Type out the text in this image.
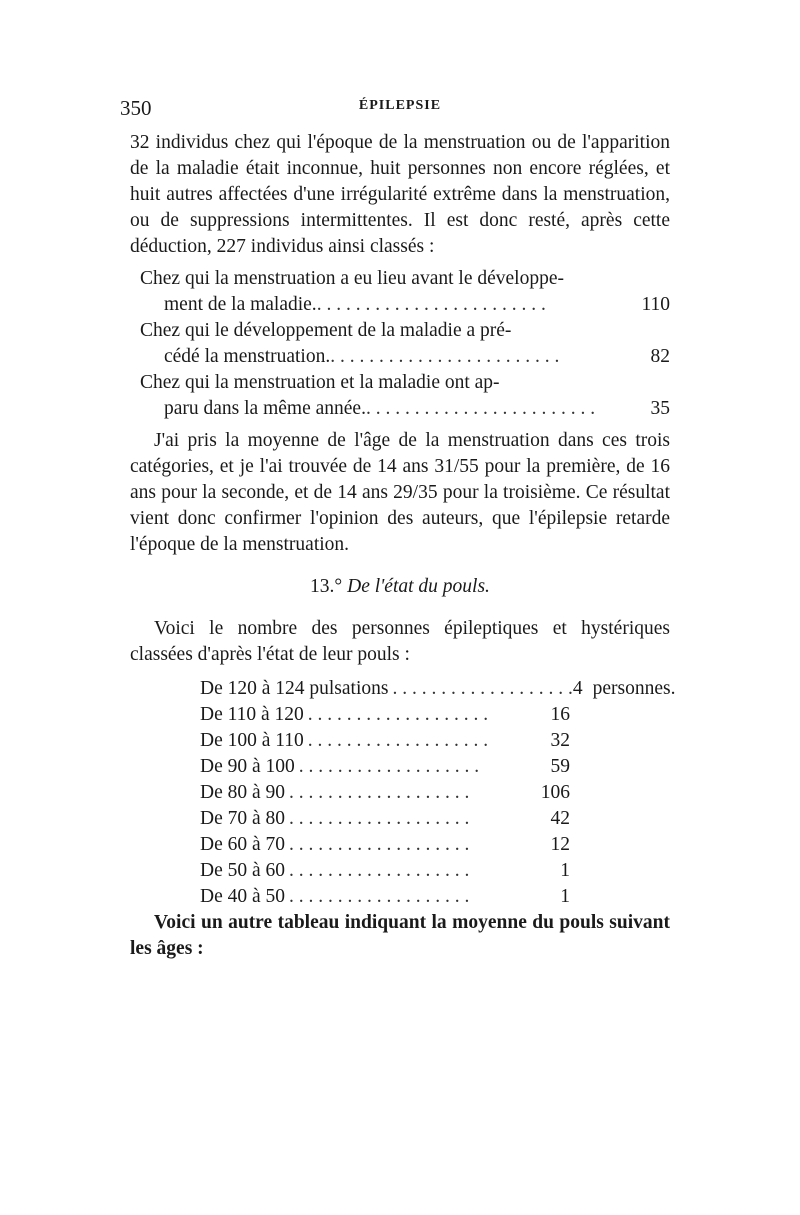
350	ÉPILEPSIE

32 individus chez qui l'époque de la menstruation ou de l'apparition de la maladie était inconnue, huit personnes non encore réglées, et huit autres affectées d'une irrégularité extrême dans la menstruation, ou de suppressions intermittentes. Il est donc resté, après cette déduction, 227 individus ainsi classés :

Chez qui la menstruation a eu lieu avant le développe-
ment de la maladie. . . . . . . . . . . . . . . . . . . . . . . . .	110
Chez qui le développement de la maladie a pré-
cédé la menstruation. . . . . . . . . . . . . . . . . . . . . . . . .	82
Chez qui la menstruation et la maladie ont ap-
paru dans la même année. . . . . . . . . . . . . . . . . . . . . . . . .	35

J'ai pris la moyenne de l'âge de la menstruation dans ces trois catégories, et je l'ai trouvée de 14 ans 31/55 pour la première, de 16 ans pour la seconde, et de 14 ans 29/35 pour la troisième. Ce résultat vient donc confirmer l'opinion des auteurs, que l'épilepsie retarde l'époque de la menstruation.

13.° De l'état du pouls.

Voici le nombre des personnes épileptiques et hystériques classées d'après l'état de leur pouls :

De 120 à 124 pulsations . . . . . . . . . . . . . . . . . . . 4 personnes.
De 110 à 120 . . . . . . . . . . . . . . . . . . .	16
De 100 à 110 . . . . . . . . . . . . . . . . . . .	32
De 90 à 100 . . . . . . . . . . . . . . . . . . .	59
De 80 à 90 . . . . . . . . . . . . . . . . . . .	106
De 70 à 80 . . . . . . . . . . . . . . . . . . .	42
De 60 à 70 . . . . . . . . . . . . . . . . . . .	12
De 50 à 60 . . . . . . . . . . . . . . . . . . .	1
De 40 à 50 . . . . . . . . . . . . . . . . . . .	1

Voici un autre tableau indiquant la moyenne du pouls suivant les âges :
